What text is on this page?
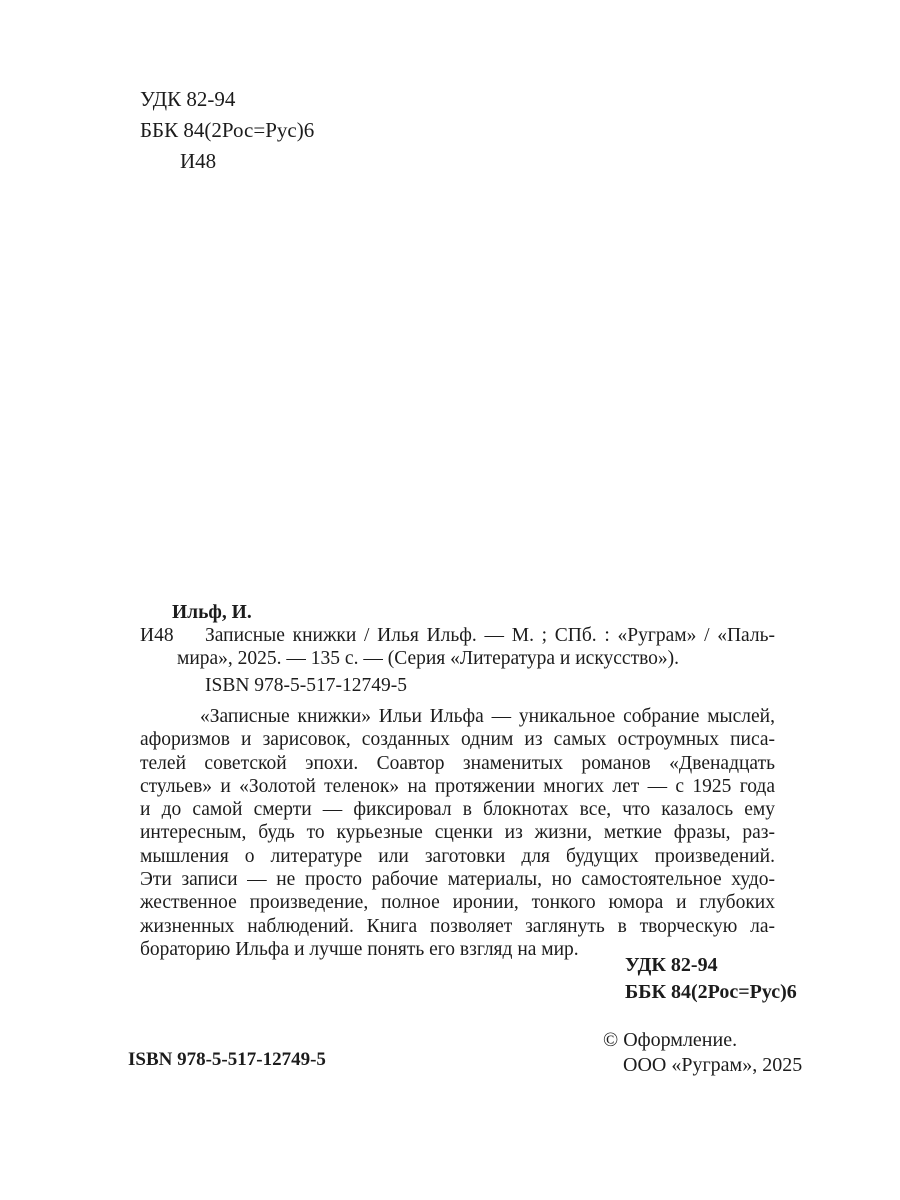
УДК 82-94
ББК 84(2Рос=Рус)6
И48
Ильф, И.
И48 Записные книжки / Илья Ильф. — М. ; СПб. : «Руграм» / «Паль-
мира», 2025. — 135 с. — (Серия «Литература и искусство»).
ISBN 978-5-517-12749-5
«Записные книжки» Ильи Ильфа — уникальное собрание мыслей,
афоризмов и зарисовок, созданных одним из самых остроумных писа-
телей советской эпохи. Соавтор знаменитых романов «Двенадцать
стульев» и «Золотой теленок» на протяжении многих лет — с 1925 года
и до самой смерти — фиксировал в блокнотах все, что казалось ему
интересным, будь то курьезные сценки из жизни, меткие фразы, раз-
мышления о литературе или заготовки для будущих произведений.
Эти записи — не просто рабочие материалы, но самостоятельное худо-
жественное произведение, полное иронии, тонкого юмора и глубоких
жизненных наблюдений. Книга позволяет заглянуть в творческую ла-
бораторию Ильфа и лучше понять его взгляд на мир.
УДК 82-94
ББК 84(2Рос=Рус)6
ISBN 978-5-517-12749-5
© Оформление.
ООО «Руграм», 2025
